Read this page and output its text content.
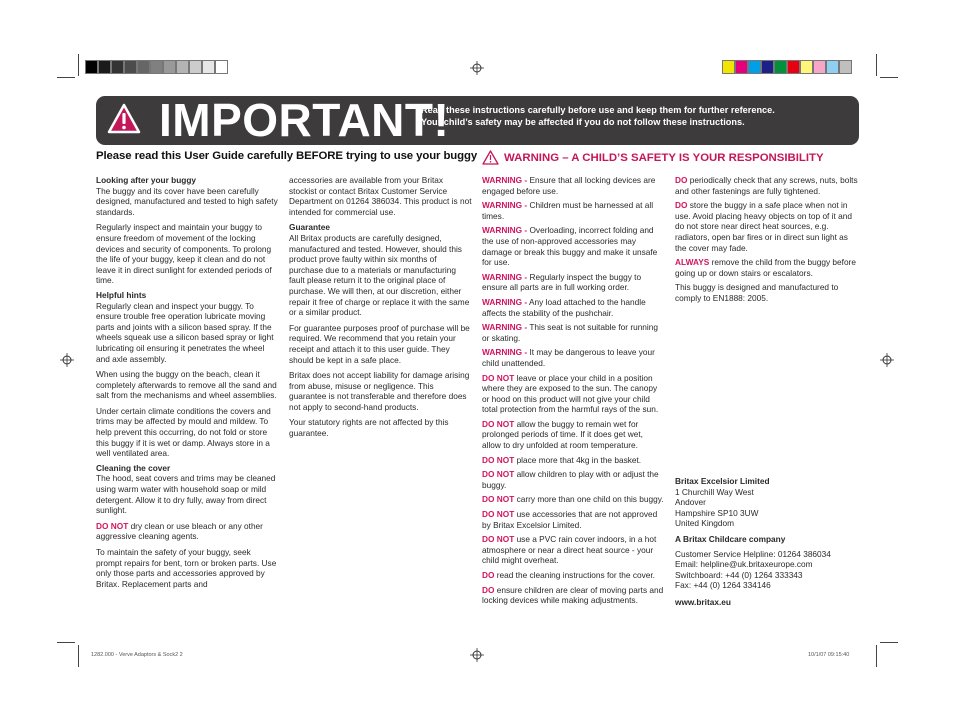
IMPORTANT!
Read these instructions carefully before use and keep them for further reference.
Your child’s safety may be affected if you do not follow these instructions.
Please read this User Guide carefully BEFORE trying to use your buggy WARNING – A CHILD’S SAFETY IS YOUR RESPONSIBILITY

Looking after your buggy

The buggy and its cover have been carefully designed, manufactured and tested to high safety standards.

Regularly inspect and maintain your buggy to ensure freedom of movement of the locking devices and security of components. To prolong the life of your buggy, keep it clean and do not leave it in direct sunlight for extended periods of time.

Helpful hints

Regularly clean and inspect your buggy. To ensure trouble free operation lubricate moving parts and joints with a silicon based spray. If the wheels squeak use a silicon based spray or light lubricating oil ensuring it penetrates the wheel and axle assembly.

When using the buggy on the beach, clean it completely afterwards to remove all the sand and salt from the mechanisms and wheel assemblies.

Under certain climate conditions the covers and trims may be affected by mould and mildew. To help prevent this occurring, do not fold or store this buggy if it is wet or damp. Always store in a well ventilated area.

Cleaning the cover

The hood, seat covers and trims may be cleaned using warm water with household soap or mild detergent. Allow it to dry fully, away from direct sunlight.

DO NOT dry clean or use bleach or any other aggressive cleaning agents.

To maintain the safety of your buggy, seek prompt repairs for bent, torn or broken parts. Use only those parts and accessories approved by Britax. Replacement parts and

accessories are available from your Britax stockist or contact Britax Customer Service Department on 01264 386034. This product is not intended for commercial use.

Guarantee

All Britax products are carefully designed, manufactured and tested. However, should this product prove faulty within six months of purchase due to a materials or manufacturing fault please return it to the original place of purchase. We will then, at our discretion, either repair it free of charge or replace it with the same or a similar product.

For guarantee purposes proof of purchase will be required. We recommend that you retain your receipt and attach it to this user guide. They should be kept in a safe place.

Britax does not accept liability for damage arising from abuse, misuse or negligence. This guarantee is not transferable and therefore does not apply to second-hand products.

Your statutory rights are not affected by this guarantee.

WARNING - Ensure that all locking devices are engaged before use.

WARNING - Children must be harnessed at all times.

WARNING - Overloading, incorrect folding and the use of non-approved accessories may damage or break this buggy and make it unsafe for use.

WARNING - Regularly inspect the buggy to ensure all parts are in full working order.

WARNING - Any load attached to the handle affects the stability of the pushchair.

WARNING - This seat is not suitable for running or skating.

WARNING - It may be dangerous to leave your child unattended.

DO NOT leave or place your child in a position where they are exposed to the sun. The canopy or hood on this product will not give your child total protection from the harmful rays of the sun.

DO NOT allow the buggy to remain wet for prolonged periods of time. If it does get wet, allow to dry unfolded at room temperature.

DO NOT place more that 4kg in the basket.

DO NOT allow children to play with or adjust the buggy.

DO NOT carry more than one child on this buggy.

DO NOT use accessories that are not approved by Britax Excelsior Limited.

DO NOT use a PVC rain cover indoors, in a hot atmosphere or near a direct heat source - your child might overheat.

DO read the cleaning instructions for the cover.

DO ensure children are clear of moving parts and locking devices while making adjustments.

DO periodically check that any screws, nuts, bolts and other fastenings are fully tightened.

DO store the buggy in a safe place when not in use. Avoid placing heavy objects on top of it and do not store near direct heat sources, e.g. radiators, open bar fires or in direct sun light as the cover may fade.

ALWAYS remove the child from the buggy before going up or down stairs or escalators.

This buggy is designed and manufactured to comply to EN1888: 2005.

Britax Excelsior Limited

1 Churchill Way West
Andover
Hampshire SP10 3UW
United Kingdom

A Britax Childcare company

Customer Service Helpline: 01264 386034
Email: helpline@uk.britaxeurope.com
Switchboard: +44 (0) 1264 333343
Fax: +44 (0) 1264 334146

www.britax.eu

1282.000 - Verve Adaptors & Sock2 2	10/1/07 09:15:40
